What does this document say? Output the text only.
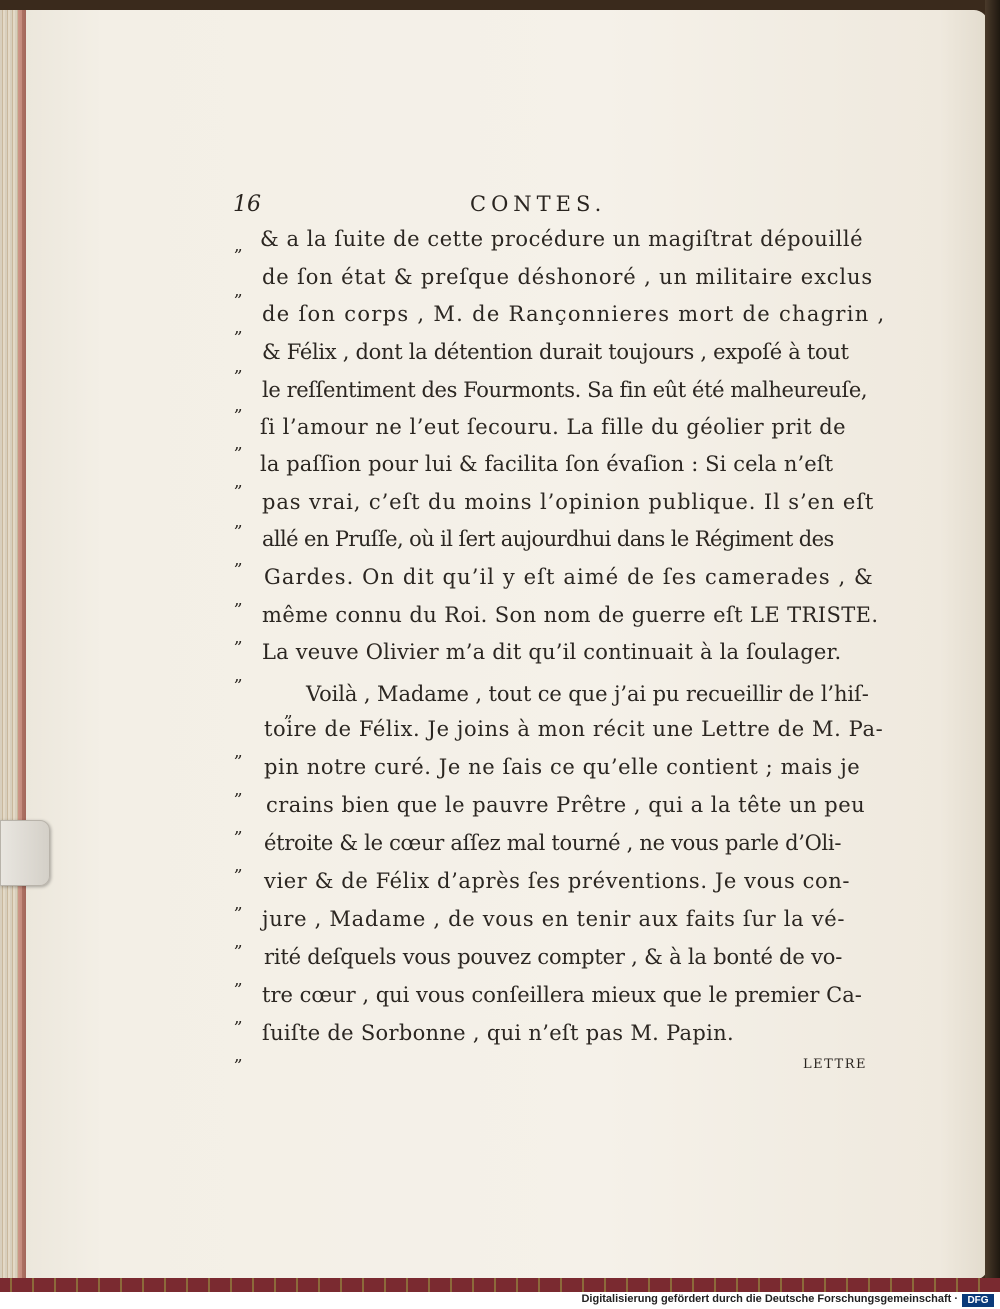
16	CONTES.
„ & a la ſuite de cette procédure un magiſtrat dépouillé
„
de ſon état & preſque déshonoré , un militaire exclus
„
de ſon corps , M. de Rançonnieres mort de chagrin ,
„
& Félix , dont la détention durait toujours , expoſé à tout
„
le reſſentiment des Fourmonts. Sa fin eût été malheureuſe,
„
ſi l’amour ne l’eut ſecouru. La fille du géolier prit de
„
la paſſion pour lui & facilita ſon évaſion : Si cela n’eſt
„
pas vrai, c’eſt du moins l’opinion publique. Il s’en eſt
„
allé en Pruſſe, où il ſert aujourdhui dans le Régiment des
„
Gardes. On dit qu’il y eſt aimé de ſes camerades , &
„
même connu du Roi. Son nom de guerre eſt LE TRISTE.
„
La veuve Olivier m’a dit qu’il continuait à la ſoulager.
„
Voilà , Madame , tout ce que j’ai pu recueillir de l’hiſ-
„
toire de Félix. Je joins à mon récit une Lettre de M. Pa-
„
pin notre curé. Je ne ſais ce qu’elle contient ; mais je
„
crains bien que le pauvre Prêtre , qui a la tête un peu
„
étroite & le cœur aſſez mal tourné , ne vous parle d’Oli-
„
vier & de Félix d’après ſes préventions. Je vous con-
„
jure , Madame , de vous en tenir aux faits ſur la vé-
„
rité deſquels vous pouvez compter , & à la bonté de vo-
„
tre cœur , qui vous conſeillera mieux que le premier Ca-
„
ſuiſte de Sorbonne , qui n’eſt pas M. Papin.
LETTRE
Digitalisierung gefördert durch die Deutsche Forschungsgemeinschaft · DFG
